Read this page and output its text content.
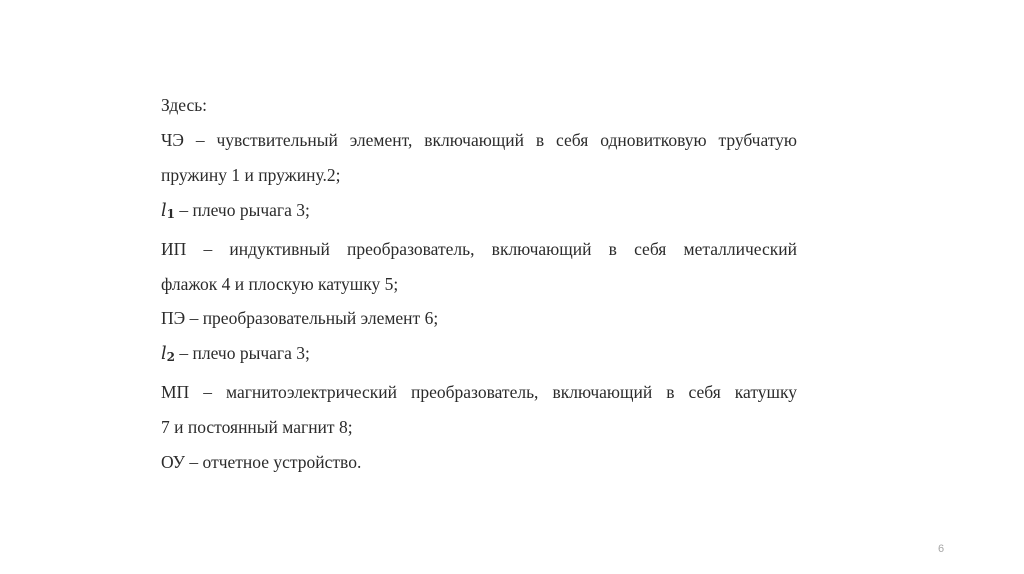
Здесь:
ЧЭ – чувствительный элемент, включающий в себя одновитковую трубчатую
пружину 1 и пружину.2;
$l_1$ – плечо рычага 3;
ИП – индуктивный преобразователь, включающий в себя металлический
флажок 4 и плоскую катушку 5;
ПЭ – преобразовательный элемент 6;
$l_2$ – плечо рычага 3;
МП – магнитоэлектрический преобразователь, включающий в себя катушку
7 и постоянный магнит 8;
ОУ – отчетное устройство.
6
